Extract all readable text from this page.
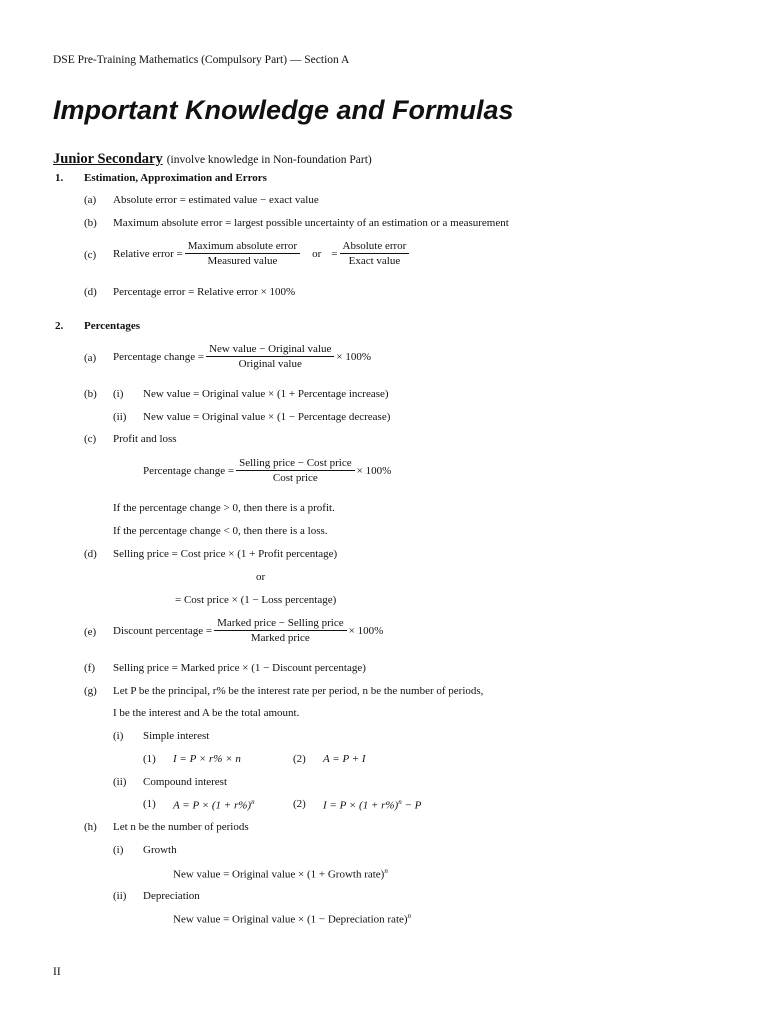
DSE Pre-Training Mathematics (Compulsory Part) — Section A
Important Knowledge and Formulas
Junior Secondary (involve knowledge in Non-foundation Part)
1. Estimation, Approximation and Errors
(a) Absolute error = estimated value − exact value
(b) Maximum absolute error = largest possible uncertainty of an estimation or a measurement
(c) Relative error = $\frac{\text{Maximum absolute error}}{\text{Measured value}}$ or = $\frac{\text{Absolute error}}{\text{Exact value}}$
(d) Percentage error = Relative error × 100%
2. Percentages
(a) Percentage change = $\frac{\text{New value − Original value}}{\text{Original value}} \times 100\%$
(b) (i) New value = Original value × (1 + Percentage increase)
(ii) New value = Original value × (1 − Percentage decrease)
(c) Profit and loss
Percentage change = $\frac{\text{Selling price − Cost price}}{\text{Cost price}} \times 100\%$
If the percentage change > 0, then there is a profit.
If the percentage change < 0, then there is a loss.
(d) Selling price = Cost price × (1 + Profit percentage)
or
= Cost price × (1 − Loss percentage)
(e) Discount percentage = $\frac{\text{Marked price − Selling price}}{\text{Marked price}} \times 100\%$
(f) Selling price = Marked price × (1 − Discount percentage)
(g) Let P be the principal, r% be the interest rate per period, n be the number of periods,
I be the interest and A be the total amount.
(i) Simple interest
(1) I = P × r% × n	(2) A = P + I
(ii) Compound interest
(1) $A = P \times (1 + r\%)^n$	(2) $I = P \times (1 + r\%)^n - P$
(h) Let n be the number of periods
(i) Growth
New value = Original value × (1 + Growth rate)$^n$
(ii) Depreciation
New value = Original value × (1 − Depreciation rate)$^n$
II
